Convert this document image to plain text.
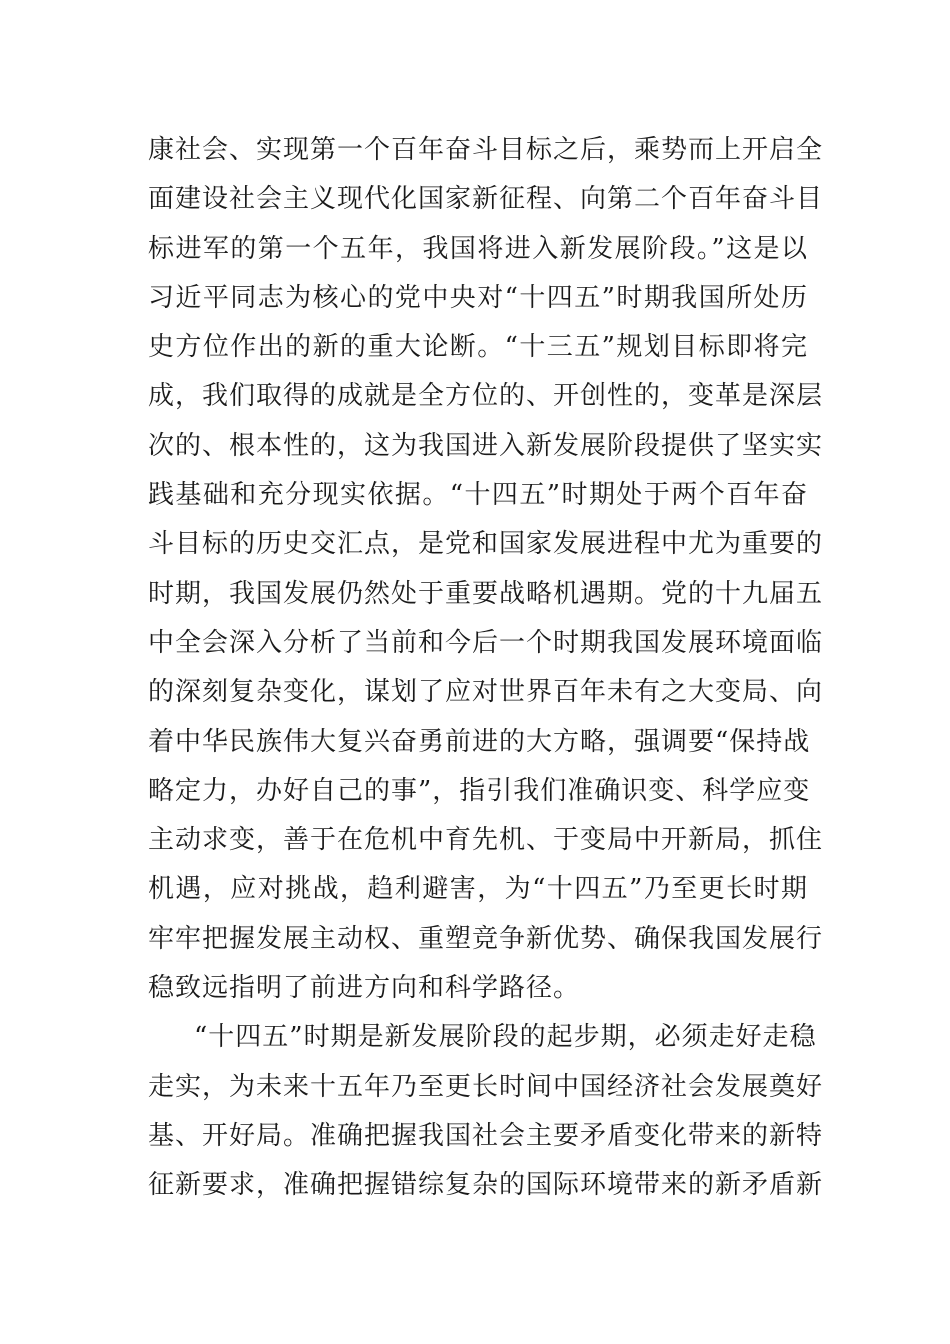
康社会、实现第一个百年奋斗目标之后，乘势而上开启全
面建设社会主义现代化国家新征程、向第二个百年奋斗目
标进军的第一个五年，我国将进入新发展阶段。”这是以
习近平同志为核心的党中央对“十四五”时期我国所处历
史方位作出的新的重大论断。“十三五”规划目标即将完
成，我们取得的成就是全方位的、开创性的，变革是深层
次的、根本性的，这为我国进入新发展阶段提供了坚实实
践基础和充分现实依据。“十四五”时期处于两个百年奋
斗目标的历史交汇点，是党和国家发展进程中尤为重要的
时期，我国发展仍然处于重要战略机遇期。党的十九届五
中全会深入分析了当前和今后一个时期我国发展环境面临
的深刻复杂变化，谋划了应对世界百年未有之大变局、向
着中华民族伟大复兴奋勇前进的大方略，强调要“保持战
略定力，办好自己的事”，指引我们准确识变、科学应变
主动求变，善于在危机中育先机、于变局中开新局，抓住
机遇，应对挑战，趋利避害，为“十四五”乃至更长时期
牢牢把握发展主动权、重塑竞争新优势、确保我国发展行
稳致远指明了前进方向和科学路径。
“十四五”时期是新发展阶段的起步期，必须走好走稳
走实，为未来十五年乃至更长时间中国经济社会发展奠好
基、开好局。准确把握我国社会主要矛盾变化带来的新特
征新要求，准确把握错综复杂的国际环境带来的新矛盾新
